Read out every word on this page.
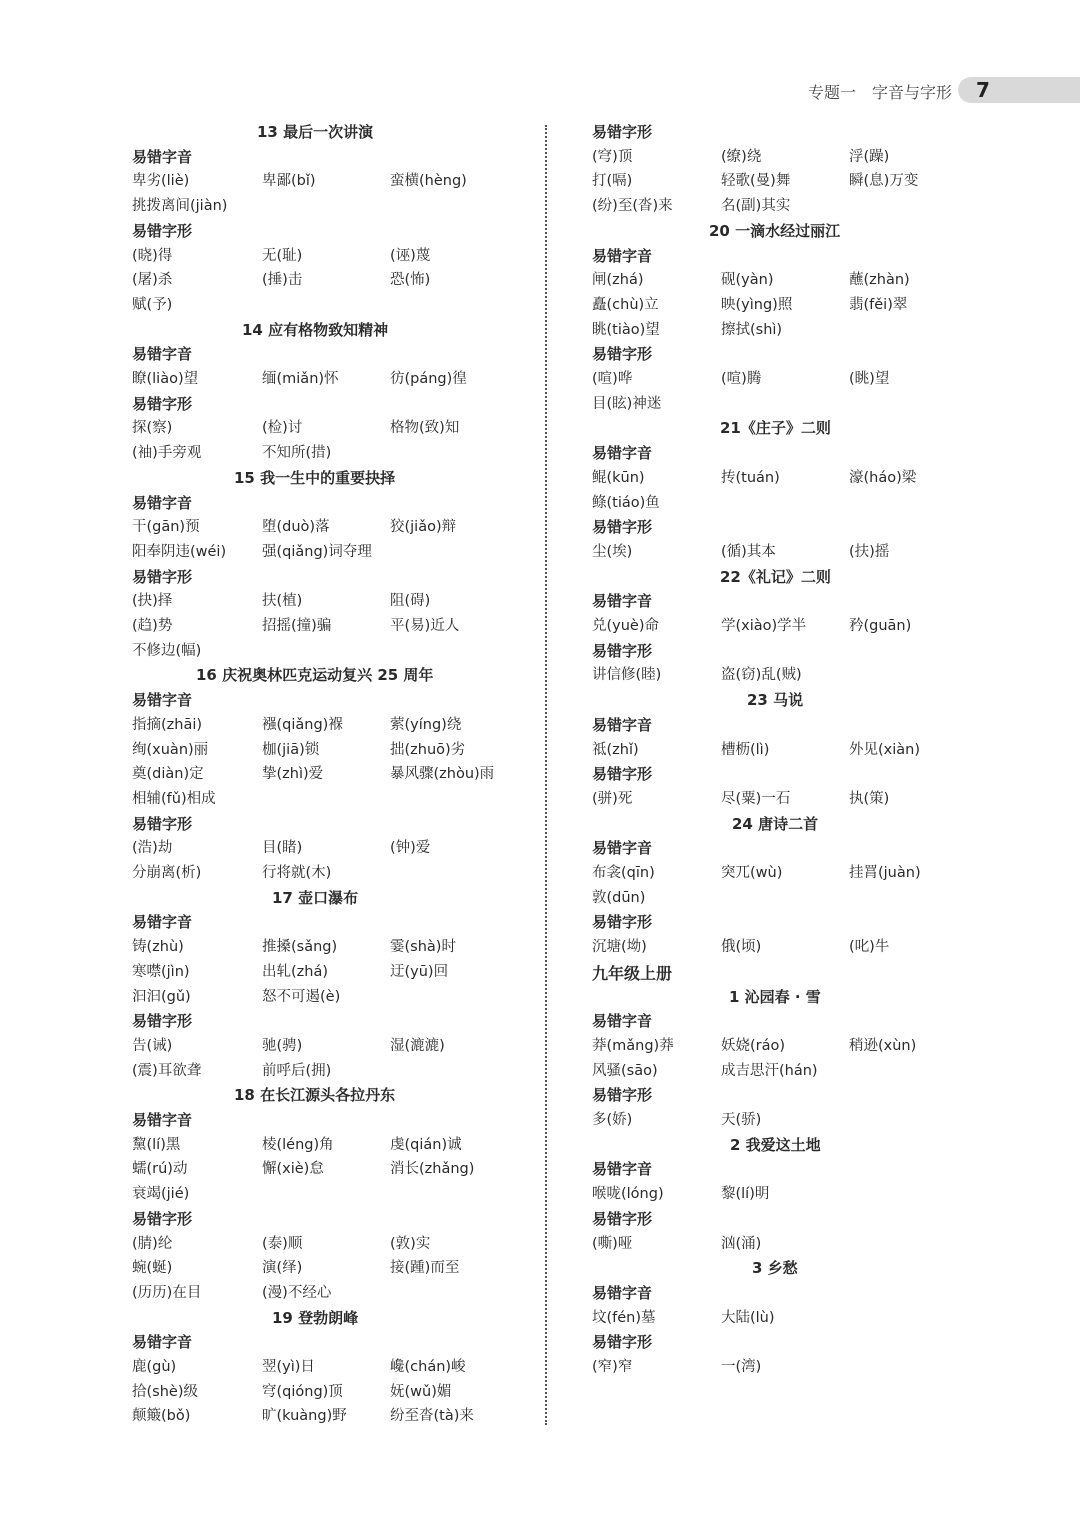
专题一 字音与字形 7
13 最后一次讲演
易错字音
卑劣(liè)	卑鄙(bǐ)	蛮横(hèng)
挑拨离间(jiàn)
易错字形
(晓)得	无(耻)	(诬)蔑
(屠)杀	(捶)击	恐(怖)
赋(予)
14 应有格物致知精神
易错字音
瞭(liào)望	缅(miǎn)怀	彷(páng)徨
易错字形
探(察)	(检)讨	格物(致)知
(袖)手旁观	不知所(措)
15 我一生中的重要抉择
易错字音
干(gān)预	堕(duò)落	狡(jiǎo)辩
阳奉阴违(wéi) 强(qiǎng)词夺理
易错字形
(抉)择	扶(植)	阻(碍)
(趋)势	招摇(撞)骗	平(易)近人
不修边(幅)
16 庆祝奥林匹克运动复兴 25 周年
易错字音
指摘(zhāi)	襁(qiǎng)褓	萦(yíng)绕
绚(xuàn)丽	枷(jiā)锁	拙(zhuō)劣
奠(diàn)定	挚(zhì)爱	暴风骤(zhòu)雨
相辅(fǔ)相成
易错字形
(浩)劫	目(睹)	(钟)爱
分崩离(析)	行将就(木)
17 壶口瀑布
易错字音
铸(zhù)	推搡(sǎng)	霎(shà)时
寒噤(jìn)	出轧(zhá)	迂(yū)回
汩汩(gǔ)	怒不可遏(è)
易错字形
告(诫)	驰(骋)	湿(漉漉)
(震)耳欲聋	前呼后(拥)
18 在长江源头各拉丹东
易错字音
黧(lí)黑	棱(léng)角	虔(qián)诚
蠕(rú)动	懈(xiè)怠	消长(zhǎng)
衰竭(jié)
易错字形
(腈)纶	(泰)顺	(敦)实
蜿(蜒)	演(绎)	接(踵)而至
(历历)在目	(漫)不经心
19 登勃朗峰
易错字音
鹿(gù)	翌(yì)日	巉(chán)峻
拾(shè)级	穹(qióng)顶	妩(wǔ)媚
颠簸(bǒ)	旷(kuàng)野	纷至沓(tà)来
易错字形
(穹)顶	(缭)绕	浮(躁)
打(嗝)	轻歌(曼)舞	瞬(息)万变
(纷)至(沓)来	名(副)其实
20 一滴水经过丽江
易错字音
闸(zhá)	砚(yàn)	蘸(zhàn)
矗(chù)立	映(yìng)照	翡(fěi)翠
眺(tiào)望	擦拭(shì)
易错字形
(喧)哗	(喧)腾	(眺)望
目(眩)神迷
21《庄子》二则
易错字音
鲲(kūn)	抟(tuán)	濠(háo)梁
鲦(tiáo)鱼
易错字形
尘(埃)	(循)其本	(扶)摇
22《礼记》二则
易错字音
兑(yuè)命	学(xiào)学半	矜(guān)
易错字形
讲信修(睦)	盗(窃)乱(贼)
23 马说
易错字音
祗(zhǐ)	槽枥(lì)	外见(xiàn)
易错字形
(骈)死	尽(粟)一石	执(策)
24 唐诗二首
易错字音
布衾(qīn)	突兀(wù)	挂罥(juàn)
敦(dūn)
易错字形
沉塘(坳)	俄(顷)	(叱)牛
九年级上册
1 沁园春 · 雪
易错字音
莽(mǎng)莽	妖娆(ráo)	稍逊(xùn)
风骚(sāo)	成吉思汗(hán)
易错字形
多(娇)	天(骄)
2 我爱这土地
易错字音
喉咙(lóng)	黎(lí)明
易错字形
(嘶)哑	汹(涌)
3 乡愁
易错字音
坟(fén)墓	大陆(lù)
易错字形
(窄)窄	一(湾)
